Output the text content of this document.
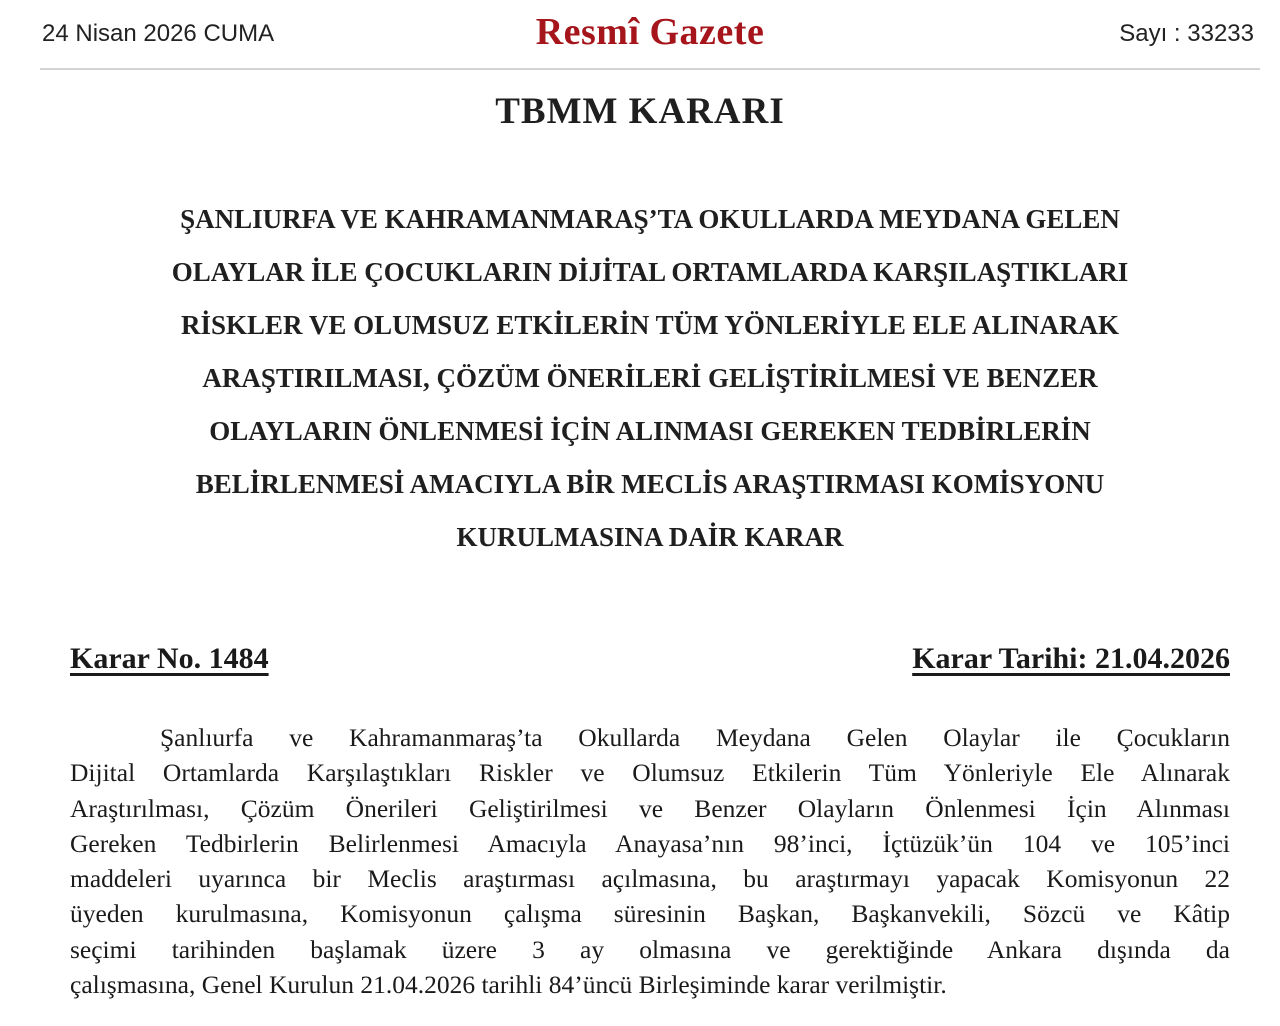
24 Nisan 2026 CUMA	Resmî Gazete	Sayı : 33233
TBMM KARARI
ŞANLIURFA VE KAHRAMANMARAŞ’TA OKULLARDA MEYDANA GELEN
OLAYLAR İLE ÇOCUKLARIN DİJİTAL ORTAMLARDA KARŞILAŞTIKLARI
RİSKLER VE OLUMSUZ ETKİLERİN TÜM YÖNLERİYLE ELE ALINARAK
ARAŞTIRILMASI, ÇÖZÜM ÖNERİLERİ GELİŞTİRİLMESİ VE BENZER
OLAYLARIN ÖNLENMESİ İÇİN ALINMASI GEREKEN TEDBİRLERİN
BELİRLENMESİ AMACIYLA BİR MECLİS ARAŞTIRMASI KOMİSYONU
KURULMASINA DAİR KARAR
Karar No. 1484	Karar Tarihi: 21.04.2026
Şanlıurfa ve Kahramanmaraş’ta Okullarda Meydana Gelen Olaylar ile Çocukların
Dijital Ortamlarda Karşılaştıkları Riskler ve Olumsuz Etkilerin Tüm Yönleriyle Ele Alınarak
Araştırılması, Çözüm Önerileri Geliştirilmesi ve Benzer Olayların Önlenmesi İçin Alınması
Gereken Tedbirlerin Belirlenmesi Amacıyla Anayasa’nın 98’inci, İçtüzük’ün 104 ve 105’inci
maddeleri uyarınca bir Meclis araştırması açılmasına, bu araştırmayı yapacak Komisyonun 22
üyeden kurulmasına, Komisyonun çalışma süresinin Başkan, Başkanvekili, Sözcü ve Kâtip
seçimi tarihinden başlamak üzere 3 ay olmasına ve gerektiğinde Ankara dışında da
çalışmasına, Genel Kurulun 21.04.2026 tarihli 84’üncü Birleşiminde karar verilmiştir.
